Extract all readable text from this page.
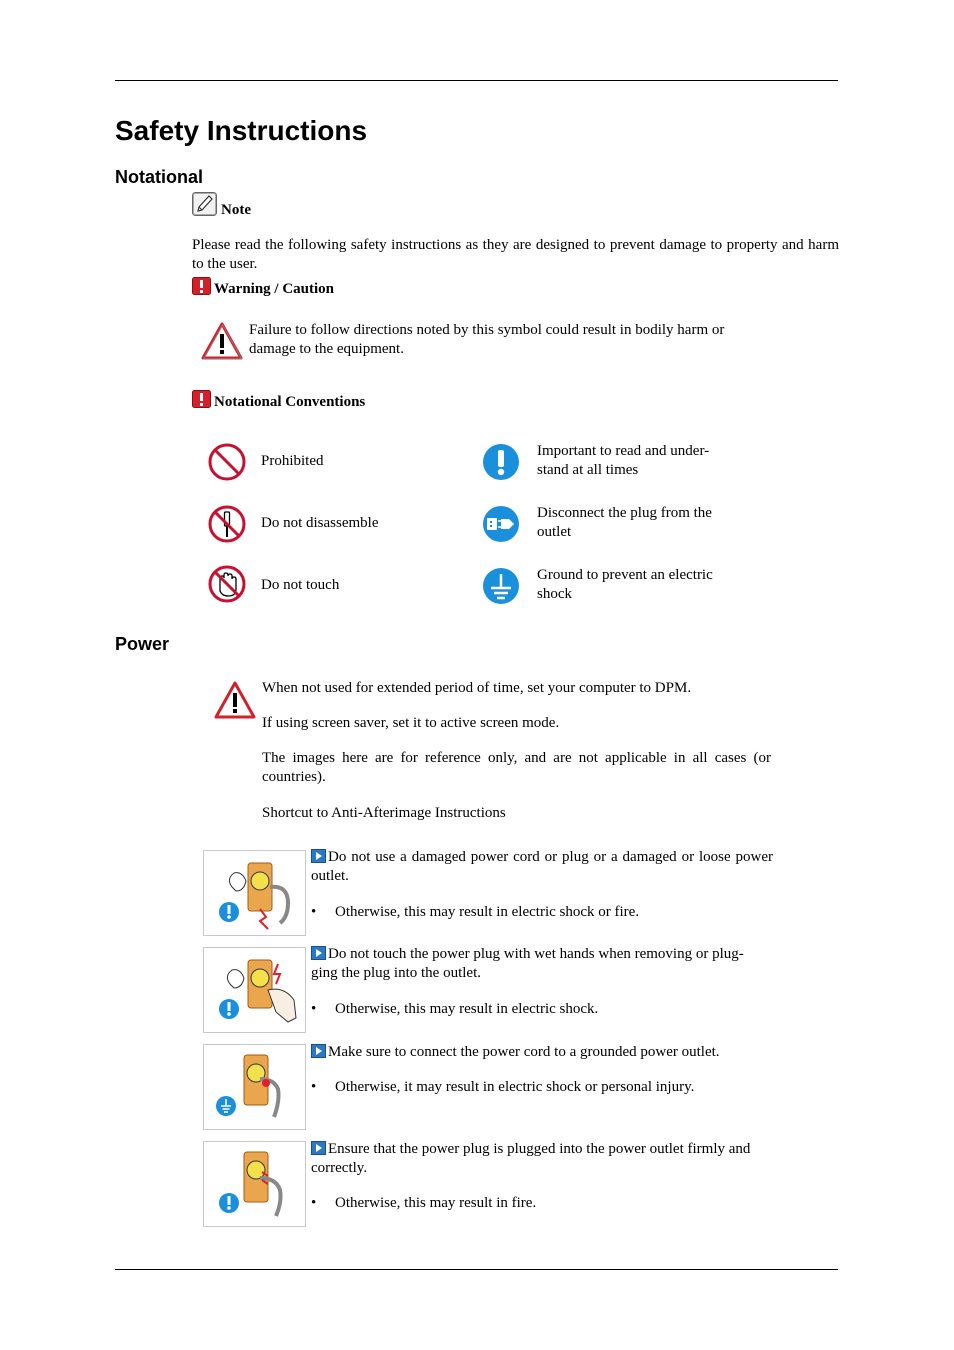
Safety Instructions
Notational
Note
Please read the following safety instructions as they are designed to prevent damage to property and harm to the user.
Warning / Caution
Failure to follow directions noted by this symbol could result in bodily harm or damage to the equipment.
Notational Conventions
Prohibited
Important to read and under-
stand at all times
Do not disassemble
Disconnect the plug from the
outlet
Do not touch
Ground to prevent an electric
shock
Power
When not used for extended period of time, set your computer to DPM.
If using screen saver, set it to active screen mode.
The images here are for reference only, and are not applicable in all cases (or countries).
Shortcut to Anti-Afterimage Instructions
Do not use a damaged power cord or plug or a damaged or loose power outlet.
• Otherwise, this may result in electric shock or fire.
Do not touch the power plug with wet hands when removing or plug-
ging the plug into the outlet.
• Otherwise, this may result in electric shock.
Make sure to connect the power cord to a grounded power outlet.
• Otherwise, it may result in electric shock or personal injury.
Ensure that the power plug is plugged into the power outlet firmly and correctly.
• Otherwise, this may result in fire.
